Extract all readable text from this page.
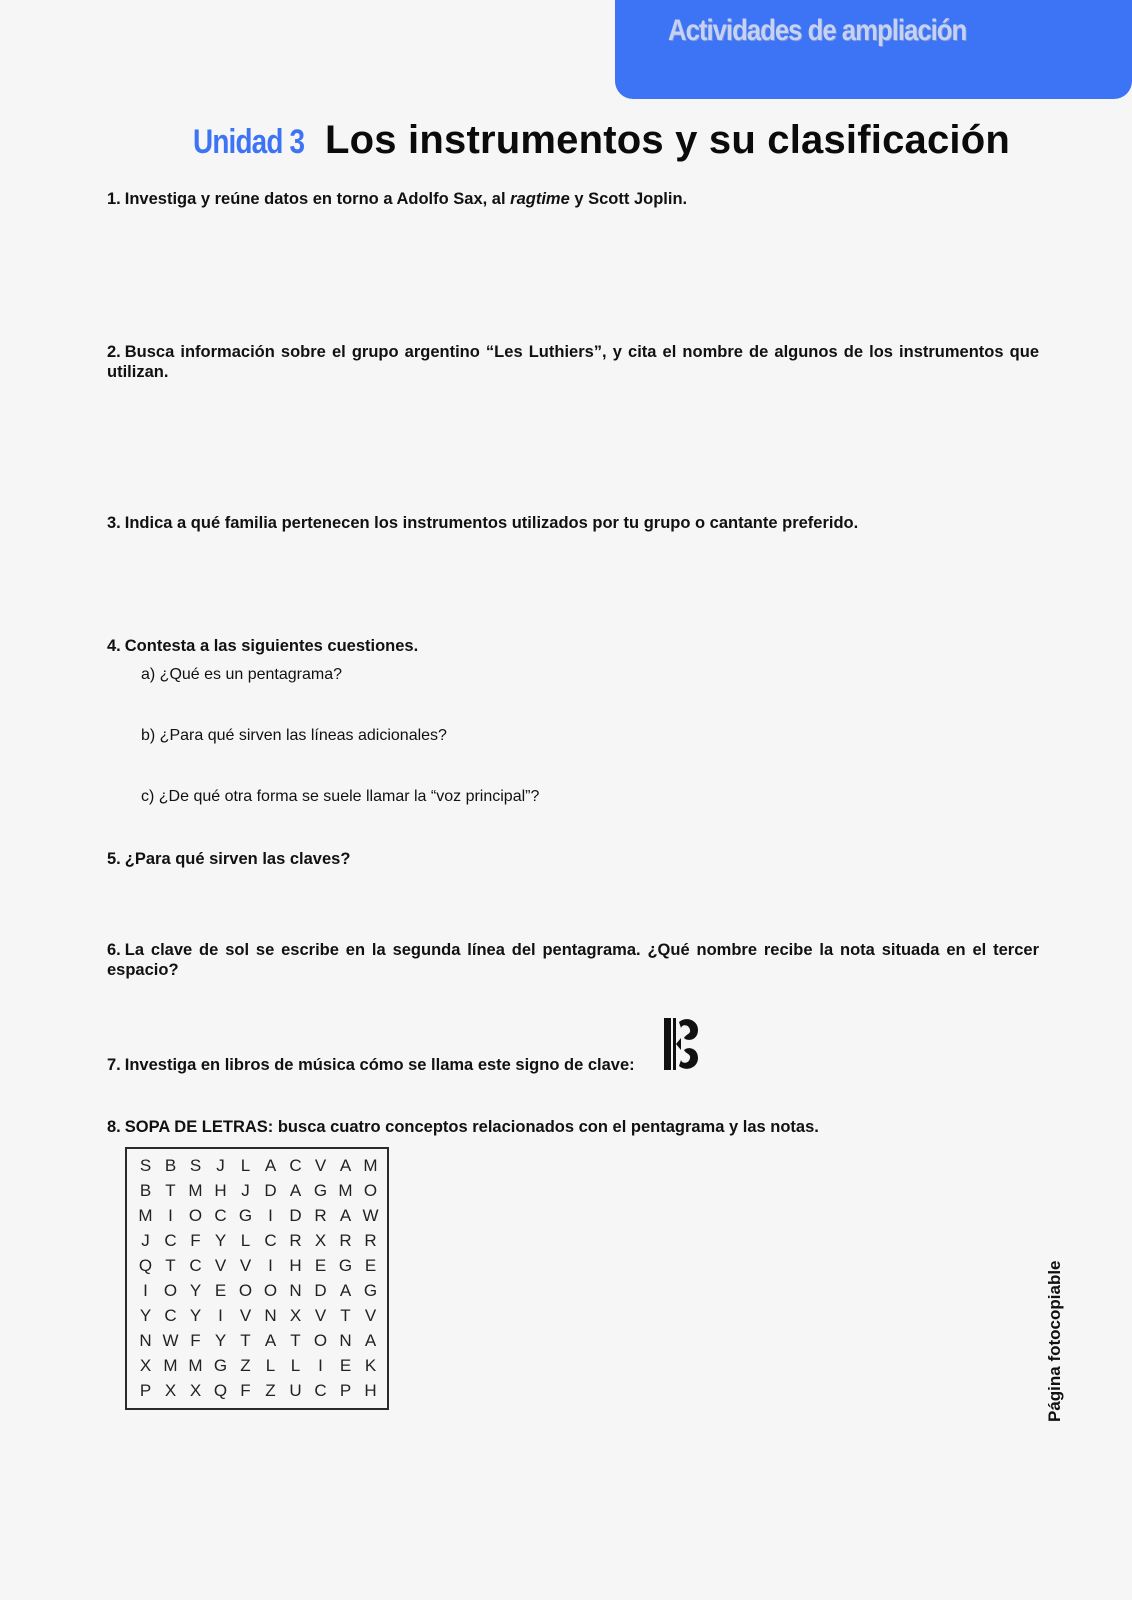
Actividades de ampliación
Unidad 3 Los instrumentos y su clasificación
1. Investiga y reúne datos en torno a Adolfo Sax, al ragtime y Scott Joplin.
2. Busca información sobre el grupo argentino “Les Luthiers”, y cita el nombre de algunos de los instrumentos que utilizan.
3. Indica a qué familia pertenecen los instrumentos utilizados por tu grupo o cantante preferido.
4. Contesta a las siguientes cuestiones.
a) ¿Qué es un pentagrama?
b) ¿Para qué sirven las líneas adicionales?
c) ¿De qué otra forma se suele llamar la “voz principal”?
5. ¿Para qué sirven las claves?
6. La clave de sol se escribe en la segunda línea del pentagrama. ¿Qué nombre recibe la nota situada en el tercer espacio?
7. Investiga en libros de música cómo se llama este signo de clave:
8. SOPA DE LETRAS: busca cuatro conceptos relacionados con el pentagrama y las notas.
S B S J L A C V A M
B T M H J D A G M O
M I O C G I D R A W
J C F Y L C R X R R
Q T C V V I H E G E
I O Y E O O N D A G
Y C Y I V N X V T V
N W F Y T A T O N A
X M M G Z L L	I E K
P X X Q F Z U C P H	Página fotocopiable
